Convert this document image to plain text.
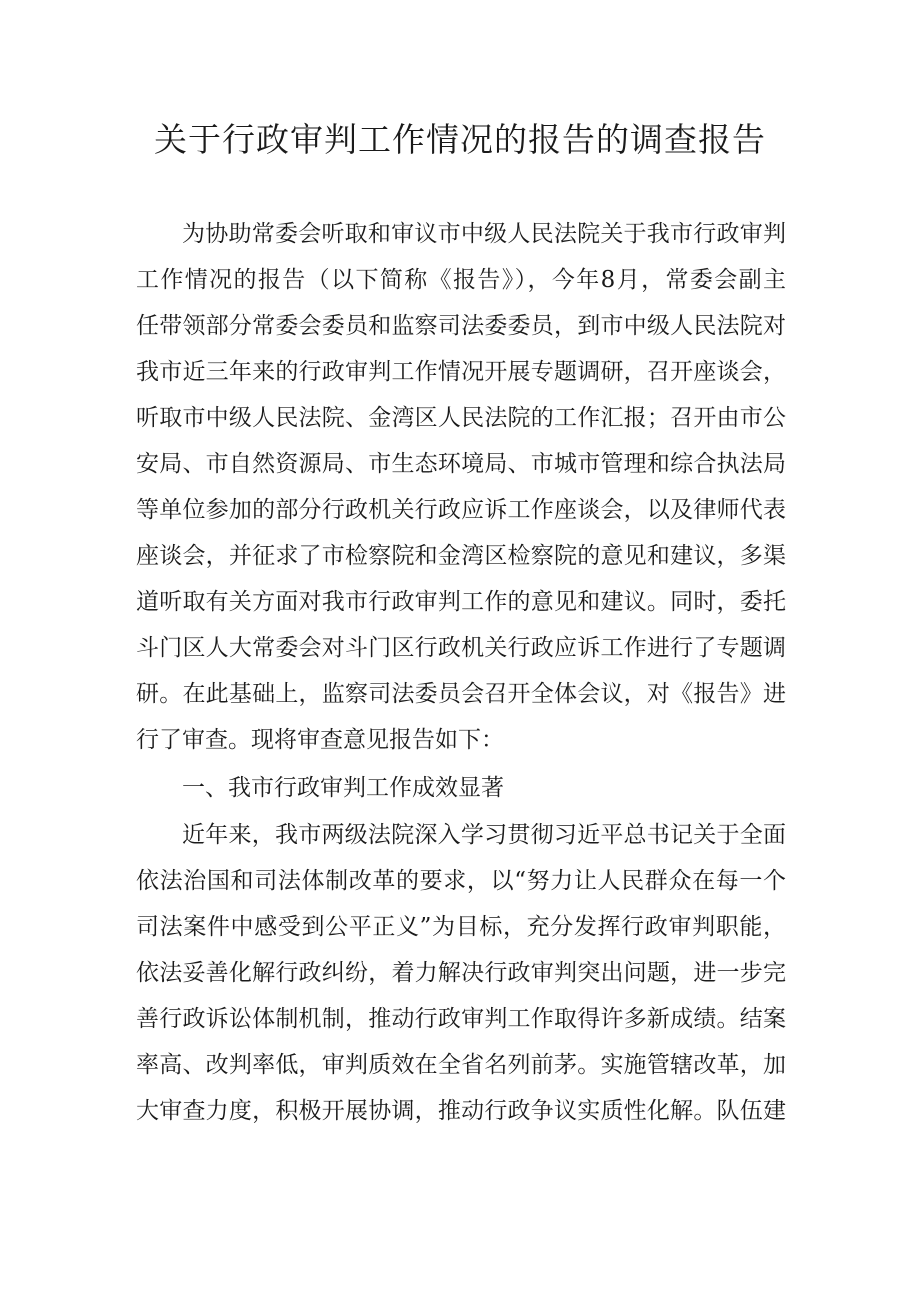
关于行政审判工作情况的报告的调查报告

为协助常委会听取和审议市中级人民法院关于我市行政审判

工作情况的报告（以下简称《报告》），今年8月，常委会副主

任带领部分常委会委员和监察司法委委员，到市中级人民法院对

我市近三年来的行政审判工作情况开展专题调研，召开座谈会，

听取市中级人民法院、金湾区人民法院的工作汇报；召开由市公

安局、市自然资源局、市生态环境局、市城市管理和综合执法局

等单位参加的部分行政机关行政应诉工作座谈会，以及律师代表

座谈会，并征求了市检察院和金湾区检察院的意见和建议，多渠

道听取有关方面对我市行政审判工作的意见和建议。同时，委托

斗门区人大常委会对斗门区行政机关行政应诉工作进行了专题调

研。在此基础上，监察司法委员会召开全体会议，对《报告》进

行了审查。现将审查意见报告如下：

一、我市行政审判工作成效显著

近年来，我市两级法院深入学习贯彻习近平总书记关于全面

依法治国和司法体制改革的要求，以“努力让人民群众在每一个

司法案件中感受到公平正义”为目标，充分发挥行政审判职能，

依法妥善化解行政纠纷，着力解决行政审判突出问题，进一步完

善行政诉讼体制机制，推动行政审判工作取得许多新成绩。结案

率高、改判率低，审判质效在全省名列前茅。实施管辖改革，加

大审查力度，积极开展协调，推动行政争议实质性化解。队伍建
